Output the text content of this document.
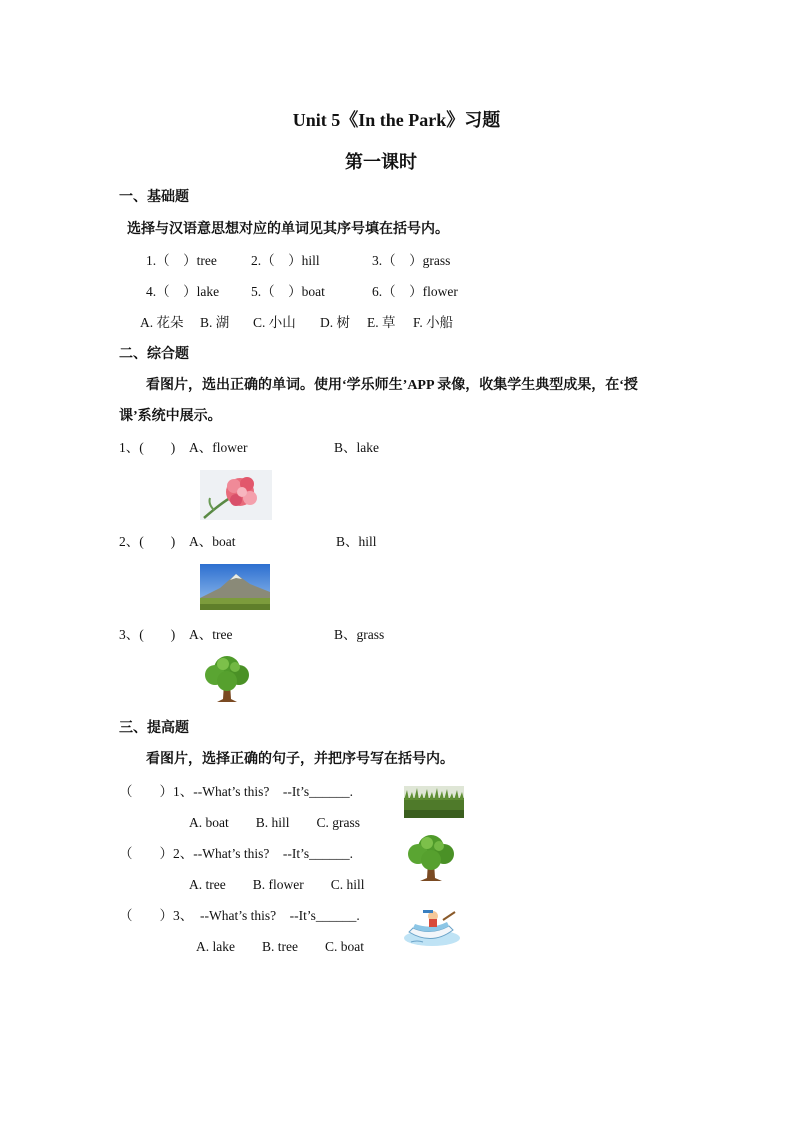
Unit 5《In the Park》习题
第一课时
一、基础题
选择与汉语意思想对应的单词见其序号填在括号内。
1.（　）tree	2.（　）hill	3.（　）grass
4.（　）lake 5.（　）boat	6.（　）flower
A. 花朵 B. 湖 C. 小山 D. 树 E. 草 F. 小船
二、综合题
看图片，选出正确的单词。使用‘学乐师生’APP 录像，收集学生典型成果，在‘授
课’系统中展示。
1、(　　) A、flower	B、lake
2、(　　) A、boat	B、hill
3、(　　) A、tree	B、grass
三、提高题
看图片，选择正确的句子，并把序号写在括号内。
（　　）1、--What’s this?　--It’s______.
A. boat　　B. hill　　C. grass
（　　）2、--What’s this?　--It’s______.
A. tree　　B. flower　　C. hill
（　　）3、　--What’s this?　--It’s______.
A. lake　　B. tree　　C. boat
